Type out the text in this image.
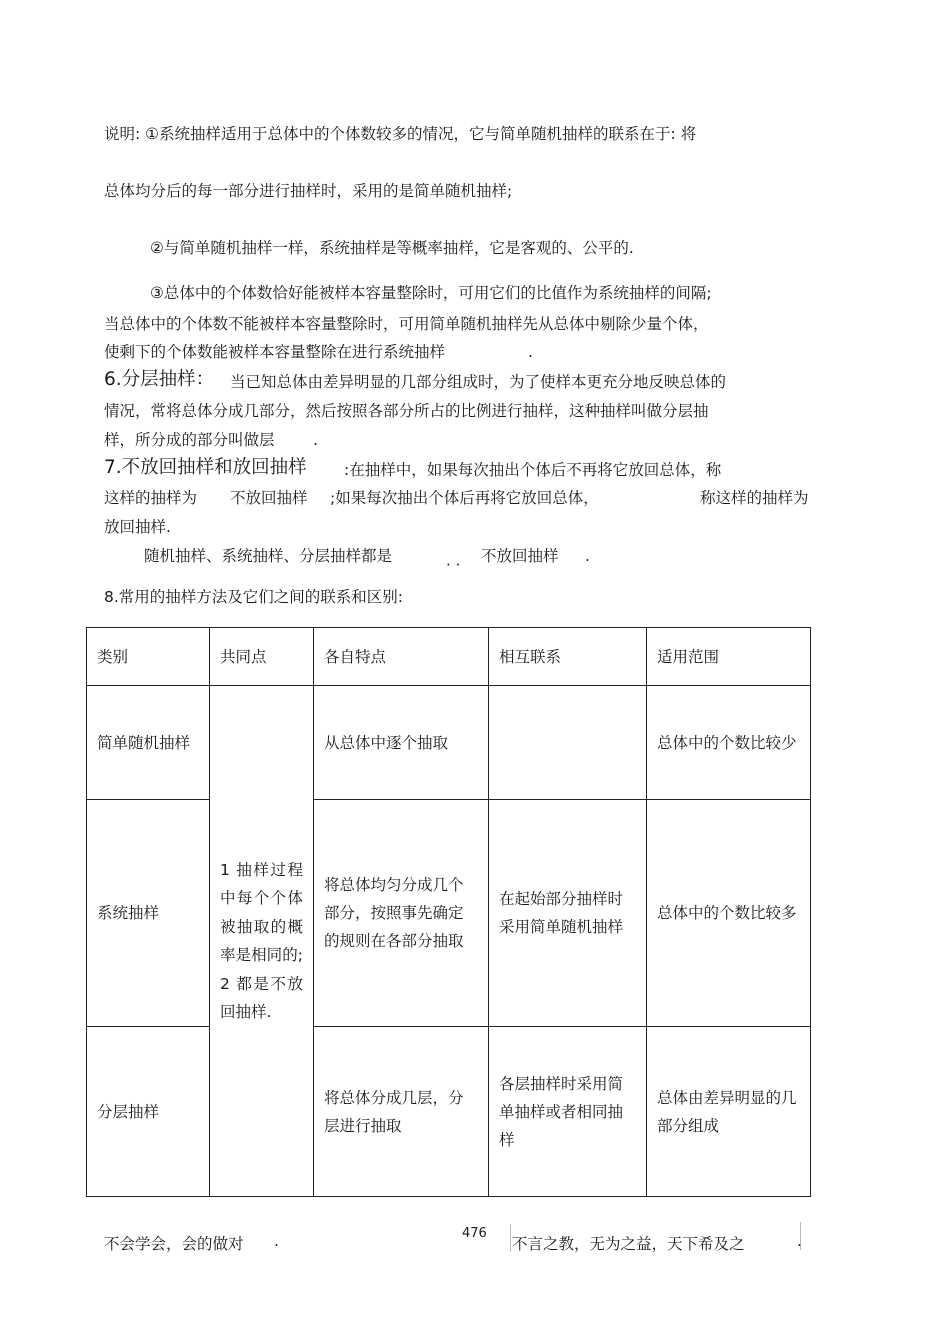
说明: ①系统抽样适用于总体中的个体数较多的情况，它与简单随机抽样的联系在于: 将
总体均分后的每一部分进行抽样时，采用的是简单随机抽样;
②与简单随机抽样一样，系统抽样是等概率抽样，它是客观的、公平的.
③总体中的个体数恰好能被样本容量整除时，可用它们的比值作为系统抽样的间隔;
当总体中的个体数不能被样本容量整除时，可用简单随机抽样先从总体中剔除少量个体，
使剩下的个体数能被样本容量整除在进行系统抽样	.
6.分层抽样： 当已知总体由差异明显的几部分组成时，为了使样本更充分地反映总体的
情况，常将总体分成几部分，然后按照各部分所占的比例进行抽样，这种抽样叫做分层抽
样，所分成的部分叫做层 .
7.不放回抽样和放回抽样 :在抽样中，如果每次抽出个体后不再将它放回总体，称
这样的抽样为 不放回抽样 ;如果每次抽出个体后再将它放回总体，	称这样的抽样为
放回抽样.
随机抽样、系统抽样、分层抽样都是	· · 不放回抽样 .
8.常用的抽样方法及它们之间的联系和区别:
类别	共同点	各自特点	相互联系	适用范围

简单随机抽样	1 抽样过程中每个个体被抽取的概率是相同的; 2 都是不放回抽样.	从总体中逐个抽取		总体中的个数比较少

系统抽样		将总体均匀分成几个部分，按照事先确定的规则在各部分抽取	在起始部分抽样时采用简单随机抽样	总体中的个数比较多

分层抽样		将总体分成几层，分层进行抽取	各层抽样时采用简单抽样或者相同抽样	总体由差异明显的几部分组成
不会学会，会的做对 .	476
不言之教，无为之益，天下希及之	.
